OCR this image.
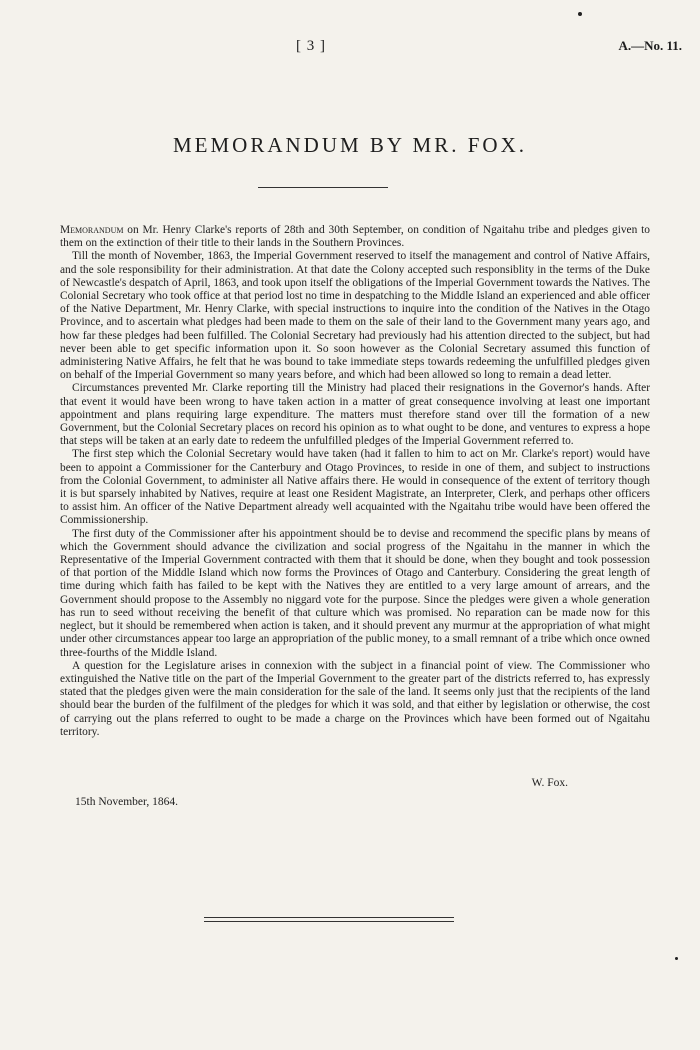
[ 3 ]	A.—No. 11.
MEMORANDUM BY MR. FOX.

Memorandum on Mr. Henry Clarke's reports of 28th and 30th September, on condition of Ngaitahu tribe and pledges given to them on the extinction of their title to their lands in the Southern Provinces.

Till the month of November, 1863, the Imperial Government reserved to itself the management and control of Native Affairs, and the sole responsibility for their administration. At that date the Colony accepted such responsiblity in the terms of the Duke of Newcastle's despatch of April, 1863, and took upon itself the obligations of the Imperial Government towards the Natives. The Colonial Secretary who took office at that period lost no time in despatching to the Middle Island an experienced and able officer of the Native Department, Mr. Henry Clarke, with special instructions to inquire into the condition of the Natives in the Otago Province, and to ascertain what pledges had been made to them on the sale of their land to the Government many years ago, and how far these pledges had been fulfilled. The Colonial Secretary had previously had his attention directed to the subject, but had never been able to get specific information upon it. So soon however as the Colonial Secretary assumed this function of administering Native Affairs, he felt that he was bound to take immediate steps towards redeeming the unfulfilled pledges given on behalf of the Imperial Government so many years before, and which had been allowed so long to remain a dead letter.

Circumstances prevented Mr. Clarke reporting till the Ministry had placed their resignations in the Governor's hands. After that event it would have been wrong to have taken action in a matter of great consequence involving at least one important appointment and plans requiring large expenditure. The matters must therefore stand over till the formation of a new Government, but the Colonial Secretary places on record his opinion as to what ought to be done, and ventures to express a hope that steps will be taken at an early date to redeem the unfulfilled pledges of the Imperial Government referred to.

The first step which the Colonial Secretary would have taken (had it fallen to him to act on Mr. Clarke's report) would have been to appoint a Commissioner for the Canterbury and Otago Provinces, to reside in one of them, and subject to instructions from the Colonial Government, to administer all Native affairs there. He would in consequence of the extent of territory though it is but sparsely inhabited by Natives, require at least one Resident Magistrate, an Interpreter, Clerk, and perhaps other officers to assist him. An officer of the Native Department already well acquainted with the Ngaitahu tribe would have been offered the Commissionership.

The first duty of the Commissioner after his appointment should be to devise and recommend the specific plans by means of which the Government should advance the civilization and social progress of the Ngaitahu in the manner in which the Representative of the Imperial Government contracted with them that it should be done, when they bought and took possession of that portion of the Middle Island which now forms the Provinces of Otago and Canterbury. Considering the great length of time during which faith has failed to be kept with the Natives they are entitled to a very large amount of arrears, and the Government should propose to the Assembly no niggard vote for the purpose. Since the pledges were given a whole generation has run to seed without receiving the benefit of that culture which was promised. No reparation can be made now for this neglect, but it should be remembered when action is taken, and it should prevent any murmur at the appropriation of what might under other circumstances appear too large an appropriation of the public money, to a small remnant of a tribe which once owned three-fourths of the Middle Island.

A question for the Legislature arises in connexion with the subject in a financial point of view. The Commissioner who extinguished the Native title on the part of the Imperial Government to the greater part of the districts referred to, has expressly stated that the pledges given were the main consideration for the sale of the land. It seems only just that the recipients of the land should bear the burden of the fulfilment of the pledges for which it was sold, and that either by legislation or otherwise, the cost of carrying out the plans referred to ought to be made a charge on the Provinces which have been formed out of Ngaitahu territory.

W. Fox.
15th November, 1864.
